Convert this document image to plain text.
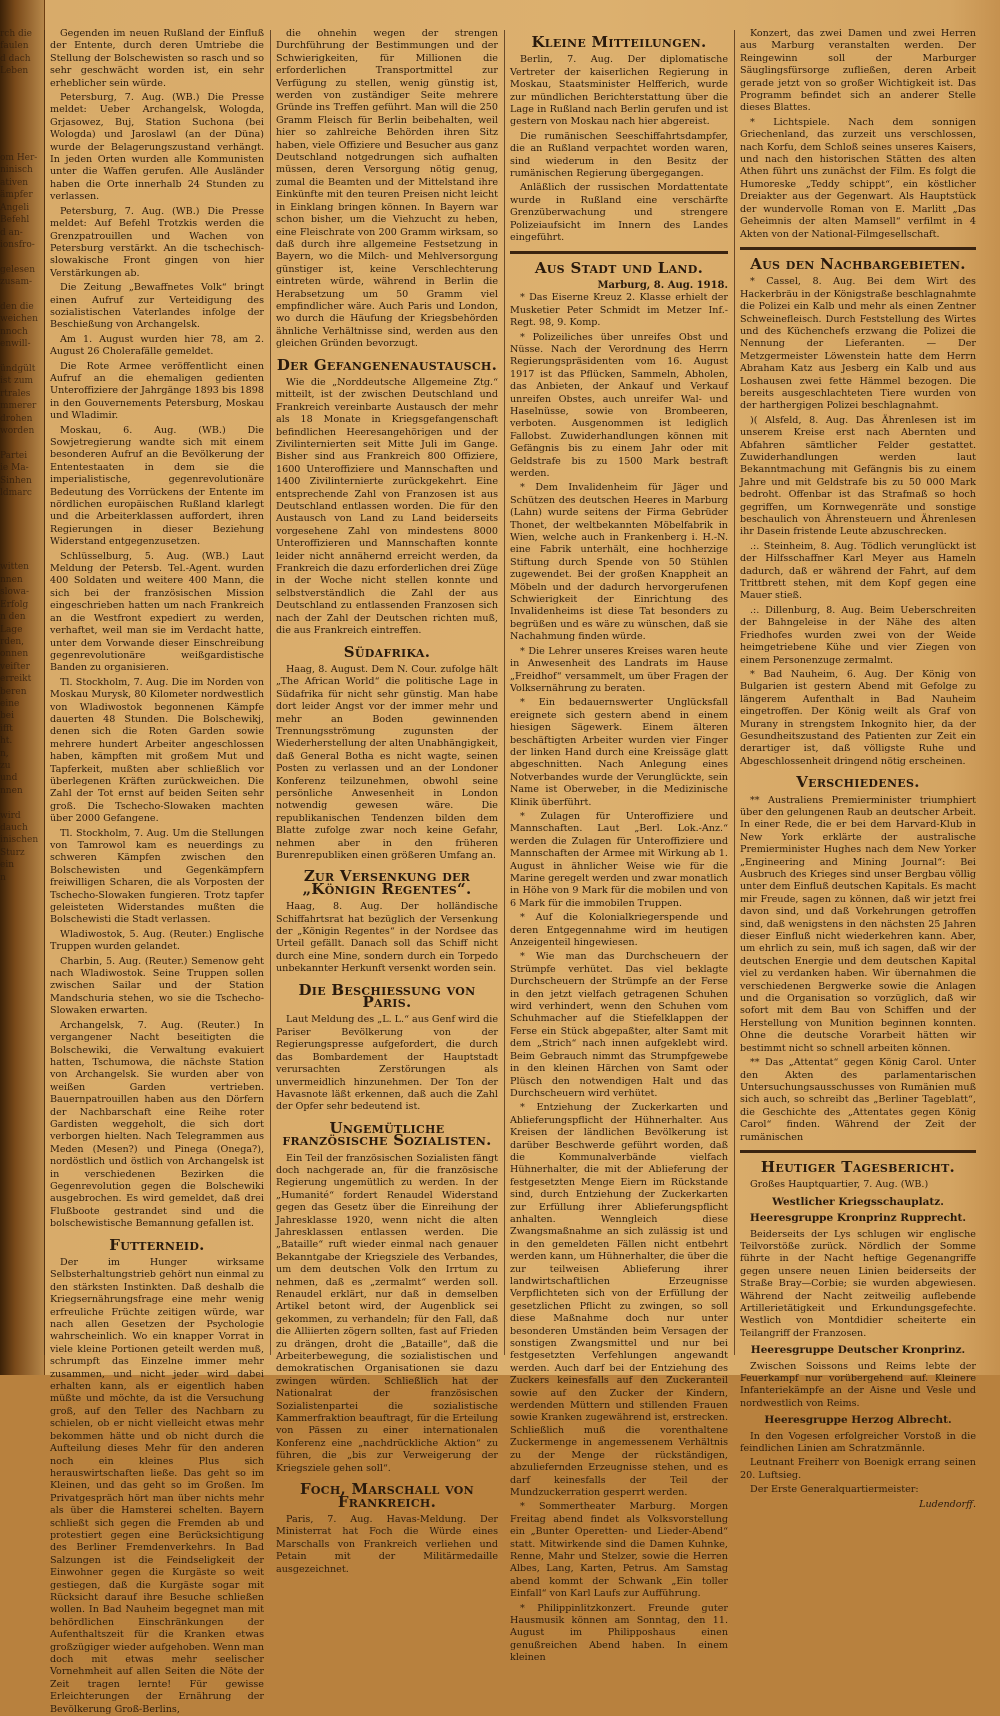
rch die
faulen
d dach
Leben

om Her-
ninisch
ativen
ämpfer
Angeli
Befehl
d an-
ionsfro-

gelesen
zusam-

den die
weichen
nnoch
enwill-

ündgült
ist zum
rtrales
mmerer
drohen
worden

Partei
ie Ma-
Sinhen
ldmarc

witten
nnen
slowa-
Erfolg
n den
Lage
rden,
onnen
veifter
erreikt
beren
eine
bei
ifft
ht.
n,
zu
und
nnen

wird
dauch
inischen
Sturz
ein
n

Gegenden im neuen Rußland der Einfluß der Entente, durch deren Umtriebe die Stellung der Bolschewisten so rasch und so sehr geschwächt worden ist, ein sehr erheblicher sein würde.

Petersburg, 7. Aug. (WB.) Die Presse meldet: Ueber Archangelsk, Wologda, Grjasowez, Buj, Station Suchona (bei Wologda) und Jaroslawl (an der Düna) wurde der Belagerungszustand verhängt. In jeden Orten wurden alle Kommunisten unter die Waffen gerufen. Alle Ausländer haben die Orte innerhalb 24 Stunden zu verlassen.

Petersburg, 7. Aug. (WB.) Die Presse meldet: Auf Befehl Trotzkis werden die Grenzpatrouillen und Wachen von Petersburg verstärkt. An die tschechisch-slowakische Front gingen von hier Verstärkungen ab.

Die Zeitung „Bewaffnetes Volk“ bringt einen Aufruf zur Verteidigung des sozialistischen Vaterlandes infolge der Beschießung von Archangelsk.

Am 1. August wurden hier 78, am 2. August 26 Cholerafälle gemeldet.

Die Rote Armee veröffentlicht einen Aufruf an die ehemaligen gedienten Unteroffiziere der Jahrgänge 1893 bis 1898 in den Gouvernements Petersburg, Moskau und Wladimir.

Moskau, 6. Aug. (WB.) Die Sowjetregierung wandte sich mit einem besonderen Aufruf an die Bevölkerung der Ententestaaten in dem sie die imperialistische, gegenrevolutionäre Bedeutung des Vorrückens der Entente im nördlichen europäischen Rußland klarlegt und die Arbeiterklassen auffordert, ihren Regierungen in dieser Beziehung Widerstand entgegenzusetzen.

Schlüsselburg, 5. Aug. (WB.) Laut Meldung der Petersb. Tel.-Agent. wurden 400 Soldaten und weitere 400 Mann, die sich bei der französischen Mission eingeschrieben hatten um nach Frankreich an die Westfront expediert zu werden, verhaftet, weil man sie im Verdacht hatte, unter dem Vorwande dieser Einschreibung gegenrevolutionäre weißgardistische Banden zu organisieren.

Tl. Stockholm, 7. Aug. Die im Norden von Moskau Murysk, 80 Kilometer nordwestlich von Wladiwostok begonnenen Kämpfe dauerten 48 Stunden. Die Bolschewikj, denen sich die Roten Garden sowie mehrere hundert Arbeiter angeschlossen haben, kämpften mit großem Mut und Tapferkeit, mußten aber schließlich vor überlegenen Kräften zurückweichen. Die Zahl der Tot ernst auf beiden Seiten sehr groß. Die Tschecho-Slowaken machten über 2000 Gefangene.

Tl. Stockholm, 7. Aug. Um die Stellungen von Tamrowol kam es neuerdings zu schweren Kämpfen zwischen den Bolschewisten und Gegenkämpfern freiwilligen Scharen, die als Vorposten der Tschecho-Slowaken fungieren. Trotz tapfer geleisteten Widerstandes mußten die Bolschewisti die Stadt verlassen.

Wladiwostok, 5. Aug. (Reuter.) Englische Truppen wurden gelandet.

Charbin, 5. Aug. (Reuter.) Semenow geht nach Wladiwostok. Seine Truppen sollen zwischen Sailar und der Station Mandschuria stehen, wo sie die Tschecho-Slowaken erwarten.

Archangelsk, 7. Aug. (Reuter.) In vergangener Nacht beseitigten die Bolschewiki, die Verwaltung evakuiert hatten, Tschumowa, die nächste Station von Archangelsk. Sie wurden aber von weißen Garden vertrieben. Bauernpatrouillen haben aus den Dörfern der Nachbarschaft eine Reihe roter Gardisten weggeholt, die sich dort verborgen hielten. Nach Telegrammen aus Meden (Mesen?) und Pinega (Onega?), nordöstlich und östlich von Archangelsk ist in verschiedenen Bezirken die Gegenrevolution gegen die Bolschewiki ausgebrochen. Es wird gemeldet, daß drei Flußboote gestrandet sind und die bolschewistische Bemannung gefallen ist.

Futterneid.

Der im Hunger wirksame Selbsterhaltungstrieb gehört nun einmal zu den stärksten Instinkten. Daß deshalb die Kriegsernährungsfrage eine mehr wenig erfreuliche Früchte zeitigen würde, war nach allen Gesetzen der Psychologie wahrscheinlich. Wo ein knapper Vorrat in viele kleine Portionen geteilt werden muß, schrumpft das Einzelne immer mehr zusammen, und nicht jeder wird dabei erhalten kann, als er eigentlich haben müßte und möchte, da ist die Versuchung groß, auf den Teller des Nachbarn zu schielen, ob er nicht vielleicht etwas mehr bekommen hätte und ob nicht durch die Aufteilung dieses Mehr für den anderen noch ein kleines Plus sich herauswirtschaften ließe. Das geht so im Kleinen, und das geht so im Großen. Im Privatgespräch hört man über nichts mehr als über die Hamsterei schelten. Bayern schließt sich gegen die Fremden ab und protestiert gegen eine Berücksichtigung des Berliner Fremdenverkehrs. In Bad Salzungen ist die Feindseligkeit der Einwohner gegen die Kurgäste so weit gestiegen, daß die Kurgäste sogar mit Rücksicht darauf ihre Besuche schließen wollen. In Bad Nauheim begegnet man mit behördlichen Einschränkungen der Aufenthaltszeit für die Kranken etwas großzügiger wieder aufgehoben. Wenn man doch mit etwas mehr seelischer Vornehmheit auf allen Seiten die Nöte der Zeit tragen lernte! Für gewisse Erleichterungen der Ernährung der Bevölkerung Groß-Berlins,

die ohnehin wegen der strengen Durchführung der Bestimmungen und der Schwierigkeiten, für Millionen die erforderlichen Transportmittel zur Verfügung zu stellen, wenig günstig ist, werden von zuständiger Seite mehrere Gründe ins Treffen geführt. Man will die 250 Gramm Fleisch für Berlin beibehalten, weil hier so zahlreiche Behörden ihren Sitz haben, viele Offiziere und Besucher aus ganz Deutschland notgedrungen sich aufhalten müssen, deren Versorgung nötig genug, zumal die Beamten und der Mittelstand ihre Einkünfte mit den teuren Preisen nicht leicht in Einklang bringen können. In Bayern war schon bisher, um die Viehzucht zu heben, eine Fleischrate von 200 Gramm wirksam, so daß durch ihre allgemeine Festsetzung in Bayern, wo die Milch- und Mehlversorgung günstiger ist, keine Verschlechterung eintreten würde, während in Berlin die Herabsetzung um 50 Gramm viel empfindlicher wäre. Auch Paris und London, wo durch die Häufung der Kriegsbehörden ähnliche Verhältnisse sind, werden aus den gleichen Gründen bevorzugt.

Der Gefangenenaustausch.

Wie die „Norddeutsche Allgemeine Ztg.“ mitteilt, ist der zwischen Deutschland und Frankreich vereinbarte Austausch der mehr als 18 Monate in Kriegsgefangenschaft befindlichen Heeresangehörigen und der Zivilinternierten seit Mitte Juli im Gange. Bisher sind aus Frankreich 800 Offiziere, 1600 Unteroffiziere und Mannschaften und 1400 Zivilinternierte zurückgekehrt. Eine entsprechende Zahl von Franzosen ist aus Deutschland entlassen worden. Die für den Austausch von Land zu Land beiderseits vorgesehene Zahl von mindestens 8000 Unteroffizieren und Mannschaften konnte leider nicht annähernd erreicht werden, da Frankreich die dazu erforderlichen drei Züge in der Woche nicht stellen konnte und selbstverständlich die Zahl der aus Deutschland zu entlassenden Franzosen sich nach der Zahl der Deutschen richten muß, die aus Frankreich eintreffen.

Südafrika.

Haag, 8. August. Dem N. Cour. zufolge hält „The African World“ die politische Lage in Südafrika für nicht sehr günstig. Man habe dort leider Angst vor der immer mehr und mehr an Boden gewinnenden Trennungsströmung zugunsten der Wiederherstellung der alten Unabhängigkeit, daß General Botha es nicht wagte, seinen Posten zu verlassen und an der Londoner Konferenz teilzunehmen, obwohl seine persönliche Anwesenheit in London notwendig gewesen wäre. Die republikanischen Tendenzen bilden dem Blatte zufolge zwar noch keine Gefahr, nehmen aber in den früheren Burenrepubliken einen größeren Umfang an.

Zur Versenkung der „Königin Regentes“.

Haag, 8. Aug. Der holländische Schiffahrtsrat hat bezüglich der Versenkung der „Königin Regentes“ in der Nordsee das Urteil gefällt. Danach soll das Schiff nicht durch eine Mine, sondern durch ein Torpedo unbekannter Herkunft versenkt worden sein.

Die Beschießung von Paris.

Laut Meldung des „L. L.“ aus Genf wird die Pariser Bevölkerung von der Regierungspresse aufgefordert, die durch das Bombardement der Hauptstadt verursachten Zerstörungen als unvermeidlich hinzunehmen. Der Ton der Havasnote läßt erkennen, daß auch die Zahl der Opfer sehr bedeutend ist.

Ungemütliche französische Sozialisten.

Ein Teil der französischen Sozialisten fängt doch nachgerade an, für die französische Regierung ungemütlich zu werden. In der „Humanité“ fordert Renaudel Widerstand gegen das Gesetz über die Einreihung der Jahresklasse 1920, wenn nicht die alten Jahresklassen entlassen werden. Die „Bataille“ ruft wieder einmal nach genauer Bekanntgabe der Kriegsziele des Verbandes, um dem deutschen Volk den Irrtum zu nehmen, daß es „zermalmt“ werden soll. Renaudel erklärt, nur daß in demselben Artikel betont wird, der Augenblick sei gekommen, zu verhandeln; für den Fall, daß die Alliierten zögern sollten, fast auf Frieden zu drängen, droht die „Bataille“, daß die Arbeiterbewegung, die sozialistischen und demokratischen Organisationen sie dazu zwingen würden. Schließlich hat der Nationalrat der französischen Sozialistenpartei die sozialistische Kammerfraktion beauftragt, für die Erteilung von Pässen zu einer internationalen Konferenz eine „nachdrückliche Aktion“ zu führen, die „bis zur Verweigerung der Kriegsziele gehen soll“.

Foch, Marschall von Frankreich.

Paris, 7. Aug. Havas-Meldung. Der Ministerrat hat Foch die Würde eines Marschalls von Frankreich verliehen und Petain mit der Militärmedaille ausgezeichnet.

Kleine Mitteilungen.

Berlin, 7. Aug. Der diplomatische Vertreter der kaiserlichen Regierung in Moskau, Staatsminister Helfferich, wurde zur mündlichen Berichterstattung über die Lage in Rußland nach Berlin gerufen und ist gestern von Moskau nach hier abgereist.

Die rumänischen Seeschiffahrtsdampfer, die an Rußland verpachtet worden waren, sind wiederum in den Besitz der rumänischen Regierung übergegangen.

Anläßlich der russischen Mordattentate wurde in Rußland eine verschärfte Grenzüberwachung und strengere Polizeiaufsicht im Innern des Landes eingeführt.

Aus Stadt und Land.
Marburg, 8. Aug. 1918.

* Das Eiserne Kreuz 2. Klasse erhielt der Musketier Peter Schmidt im Metzer Inf.-Regt. 98, 9. Komp.

* Polizeiliches über unreifes Obst und Nüsse. Nach der Verordnung des Herrn Regierungspräsidenten vom 16. August 1917 ist das Pflücken, Sammeln, Abholen, das Anbieten, der Ankauf und Verkauf unreifen Obstes, auch unreifer Wal- und Haselnüsse, sowie von Brombeeren, verboten. Ausgenommen ist lediglich Fallobst. Zuwiderhandlungen können mit Gefängnis bis zu einem Jahr oder mit Geldstrafe bis zu 1500 Mark bestraft werden.

* Dem Invalidenheim für Jäger und Schützen des deutschen Heeres in Marburg (Lahn) wurde seitens der Firma Gebrüder Thonet, der weltbekannten Möbelfabrik in Wien, welche auch in Frankenberg i. H.-N. eine Fabrik unterhält, eine hochherzige Stiftung durch Spende von 50 Stühlen zugewendet. Bei der großen Knappheit an Möbeln und der dadurch hervorgerufenen Schwierigkeit der Einrichtung des Invalidenheims ist diese Tat besonders zu begrüßen und es wäre zu wünschen, daß sie Nachahmung finden würde.

* Die Lehrer unseres Kreises waren heute in Anwesenheit des Landrats im Hause „Freidhof“ versammelt, um über Fragen der Volksernährung zu beraten.

* Ein bedauernswerter Unglücksfall ereignete sich gestern abend in einem hiesigen Sägewerk. Einem älteren beschäftigten Arbeiter wurden vier Finger der linken Hand durch eine Kreissäge glatt abgeschnitten. Nach Anlegung eines Notverbandes wurde der Verunglückte, sein Name ist Oberweber, in die Medizinische Klinik überführt.

* Zulagen für Unteroffiziere und Mannschaften. Laut „Berl. Lok.-Anz.“ werden die Zulagen für Unteroffiziere und Mannschaften der Armee mit Wirkung ab 1. August in ähnlicher Weise wie für die Marine geregelt werden und zwar monatlich in Höhe von 9 Mark für die mobilen und von 6 Mark für die immobilen Truppen.

* Auf die Kolonialkriegerspende und deren Entgegennahme wird im heutigen Anzeigenteil hingewiesen.

* Wie man das Durchscheuern der Strümpfe verhütet. Das viel beklagte Durchscheuern der Strümpfe an der Ferse in den jetzt vielfach getragenen Schuhen wird verhindert, wenn den Schuhen vom Schuhmacher auf die Stiefelklappen der Ferse ein Stück abgepaßter, alter Samt mit dem „Strich“ nach innen aufgeklebt wird. Beim Gebrauch nimmt das Strumpfgewebe in den kleinen Härchen von Samt oder Plüsch den notwendigen Halt und das Durchscheuern wird verhütet.

* Entziehung der Zuckerkarten und Ablieferungspflicht der Hühnerhalter. Aus Kreisen der ländlichen Bevölkerung ist darüber Beschwerde geführt worden, daß die Kommunalverbände vielfach Hühnerhalter, die mit der Ablieferung der festgesetzten Menge Eiern im Rückstande sind, durch Entziehung der Zuckerkarten zur Erfüllung ihrer Ablieferungspflicht anhalten. Wenngleich diese Zwangsmaßnahme an sich zulässig ist und in den gemeldeten Fällen nicht entbehrt werden kann, um Hühnerhalter, die über die zur teilweisen Ablieferung ihrer landwirtschaftlichen Erzeugnisse Verpflichteten sich von der Erfüllung der gesetzlichen Pflicht zu zwingen, so soll diese Maßnahme doch nur unter besonderen Umständen beim Versagen der sonstigen Zwangsmittel und nur bei festgesetzten Verfehlungen angewandt werden. Auch darf bei der Entziehung des Zuckers keinesfalls auf den Zuckeranteil sowie auf den Zucker der Kindern, werdenden Müttern und stillenden Frauen sowie Kranken zugewährend ist, erstrecken. Schließlich muß die vorenthaltene Zuckermenge in angemessenem Verhältnis zu der Menge der rückständigen, abzuliefernden Erzeugnisse stehen, und es darf keinesfalls der Teil der Mundzuckerration gesperrt werden.

* Sommertheater Marburg. Morgen Freitag abend findet als Volksvorstellung ein „Bunter Operetten- und Lieder-Abend“ statt. Mitwirkende sind die Damen Kuhnke, Renne, Mahr und Stelzer, sowie die Herren Albes, Lang, Karten, Petrus. Am Samstag abend kommt der Schwank „Ein toller Einfall“ von Karl Laufs zur Aufführung.

* Philippinlitzkonzert. Freunde guter Hausmusik können am Sonntag, den 11. August im Philipposhaus einen genußreichen Abend haben. In einem kleinen

Konzert, das zwei Damen und zwei Herren aus Marburg veranstalten werden. Der Reingewinn soll der Marburger Säuglingsfürsorge zufließen, deren Arbeit gerade jetzt von so großer Wichtigkeit ist. Das Programm befindet sich an anderer Stelle dieses Blattes.

* Lichtspiele. Nach dem sonnigen Griechenland, das zurzeit uns verschlossen, nach Korfu, dem Schloß seines unseres Kaisers, und nach den historischen Stätten des alten Athen führt uns zunächst der Film. Es folgt die Humoreske „Teddy schippt“, ein köstlicher Dreiakter aus der Gegenwart. Als Hauptstück der wundervolle Roman von E. Marlitt „Das Geheimnis der alten Mamsell“ verfilmt in 4 Akten von der National-Filmgesellschaft.

Aus den Nachbargebieten.

* Cassel, 8. Aug. Bei dem Wirt des Hackerbräu in der Königstraße beschlagnahmte die Polizei ein Kalb und mehr als einen Zentner Schweinefleisch. Durch Feststellung des Wirtes und des Küchenchefs erzwang die Polizei die Nennung der Lieferanten. — Der Metzgermeister Löwenstein hatte dem Herrn Abraham Katz aus Jesberg ein Kalb und aus Loshausen zwei fette Hämmel bezogen. Die bereits ausgeschlachteten Tiere wurden von der harthergigen Polizei beschlagnahmt.

)( Alsfeld, 8. Aug. Das Ährenlesen ist im unserem Kreise erst nach Abernten und Abfahren sämtlicher Felder gestattet. Zuwiderhandlungen werden laut Bekanntmachung mit Gefängnis bis zu einem Jahre und mit Geldstrafe bis zu 50 000 Mark bedroht. Offenbar ist das Strafmaß so hoch gegriffen, um Kornwegenräte und sonstige beschaulich von Ährensteuern und Ährenlesen ihr Dasein fristende Leute abzuschrecken.

.:. Steinheim, 8. Aug. Tödlich verunglückt ist der Hilfsschaffner Karl Meyer aus Hameln dadurch, daß er während der Fahrt, auf dem Trittbrett stehen, mit dem Kopf gegen eine Mauer stieß.

.:. Dillenburg, 8. Aug. Beim Ueberschreiten der Bahngeleise in der Nähe des alten Friedhofes wurden zwei von der Weide heimgetriebene Kühe und vier Ziegen von einem Personenzuge zermalmt.

* Bad Nauheim, 6. Aug. Der König von Bulgarien ist gestern Abend mit Gefolge zu längerem Aufenthalt in Bad Nauheim eingetroffen. Der König weilt als Graf von Murany in strengstem Inkognito hier, da der Gesundheitszustand des Patienten zur Zeit ein derartiger ist, daß völligste Ruhe und Abgeschlossenheit dringend nötig erscheinen.

Verschiedenes.

** Australiens Premierminister triumphiert über den gelungenen Raub an deutscher Arbeit. In einer Rede, die er bei dem Harvard-Klub in New York erklärte der australische Premierminister Hughes nach dem New Yorker „Engineering and Mining Journal“: Bei Ausbruch des Krieges sind unser Bergbau völlig unter dem Einfluß deutschen Kapitals. Es macht mir Freude, sagen zu können, daß wir jetzt frei davon sind, und daß Vorkehrungen getroffen sind, daß wenigstens in den nächsten 25 Jahren dieser Einfluß nicht wiederkehren kann. Aber, um ehrlich zu sein, muß ich sagen, daß wir der deutschen Energie und dem deutschen Kapital viel zu verdanken haben. Wir übernahmen die verschiedenen Bergwerke sowie die Anlagen und die Organisation so vorzüglich, daß wir sofort mit dem Bau von Schiffen und der Herstellung von Munition beginnen konnten. Ohne die deutsche Vorarbeit hätten wir bestimmt nicht so schnell arbeiten können.

** Das „Attentat“ gegen König Carol. Unter den Akten des parlamentarischen Untersuchungsausschusses von Rumänien muß sich auch, so schreibt das „Berliner Tageblatt“, die Geschichte des „Attentates gegen König Carol“ finden. Während der Zeit der rumänischen

Heutiger Tagesbericht.

Großes Hauptquartier, 7. Aug. (WB.)

Westlicher Kriegsschauplatz.
Heeresgruppe Kronprinz Rupprecht.

Beiderseits der Lys schlugen wir englische Teilvorstöße zurück. Nördlich der Somme führte in der Nacht heftige Gegenangriffe gegen unsere neuen Linien beiderseits der Straße Bray—Corbie; sie wurden abgewiesen. Während der Nacht zeitweilig auflebende Artillerietätigkeit und Erkundungsgefechte. Westlich von Montdidier scheiterte ein Teilangriff der Franzosen.

Heeresgruppe Deutscher Kronprinz.

Zwischen Soissons und Reims lebte der Feuerkampf nur vorübergehend auf. Kleinere Infanteriekämpfe an der Aisne und Vesle und nordwestlich von Reims.

Heeresgruppe Herzog Albrecht.

In den Vogesen erfolgreicher Vorstoß in die feindlichen Linien am Schratzmännle.

Leutnant Freiherr von Boenigk errang seinen 20. Luftsieg.

Der Erste Generalquartiermeister:

Ludendorff.
